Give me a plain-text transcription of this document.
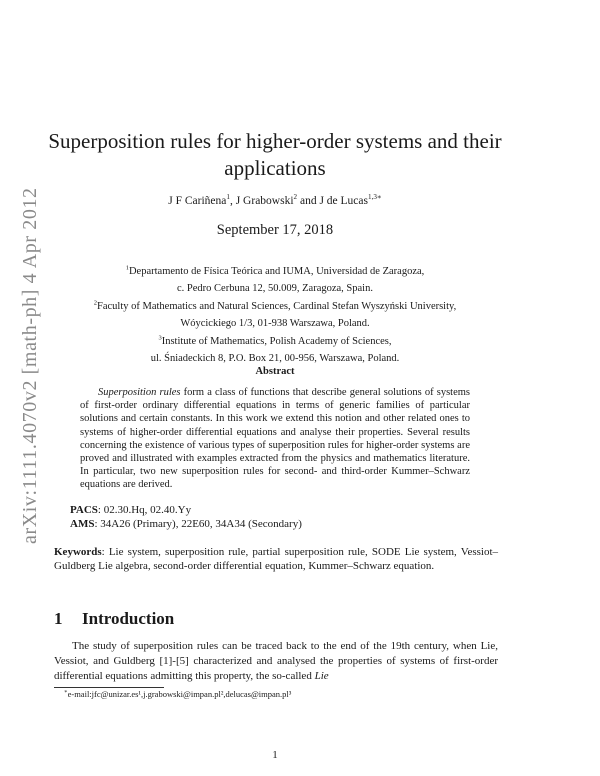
arXiv:1111.4070v2 [math-ph] 4 Apr 2012
Superposition rules for higher-order systems and their
applications
J F Cariñena$^1$, J Grabowski$^2$ and J de Lucas$^{1,3∗}$
September 17, 2018
$^1$Departamento de Física Teórica and IUMA, Universidad de Zaragoza,
c. Pedro Cerbuna 12, 50.009, Zaragoza, Spain.
$^2$Faculty of Mathematics and Natural Sciences, Cardinal Stefan Wyszyński University,
Wóycickiego 1/3, 01-938 Warszawa, Poland.
$^3$Institute of Mathematics, Polish Academy of Sciences,
ul. Śniadeckich 8, P.O. Box 21, 00-956, Warszawa, Poland.
Abstract
Superposition rules form a class of functions that describe general solutions of systems of first-order ordinary differential equations in terms of generic families of particular solutions and certain constants. In this work we extend this notion and other related ones to systems of higher-order differential equations and analyse their properties. Several results concerning the existence of various types of superposition rules for higher-order systems are proved and illustrated with examples extracted from the physics and mathematics literature. In particular, two new superposition rules for second- and third-order Kummer–Schwarz equations are derived.
PACS: 02.30.Hq, 02.40.Yy
AMS: 34A26 (Primary), 22E60, 34A34 (Secondary)
Keywords: Lie system, superposition rule, partial superposition rule, SODE Lie system, Vessiot–Guldberg Lie algebra, second-order differential equation, Kummer–Schwarz equation.
1 Introduction
The study of superposition rules can be traced back to the end of the 19th century, when Lie, Vessiot, and Guldberg [1]-[5] characterized and analysed the properties of systems of first-order differential equations admitting this property, the so-called Lie
∗e-mail:jfc@unizar.es¹,j.grabowski@impan.pl²,delucas@impan.pl³
1
